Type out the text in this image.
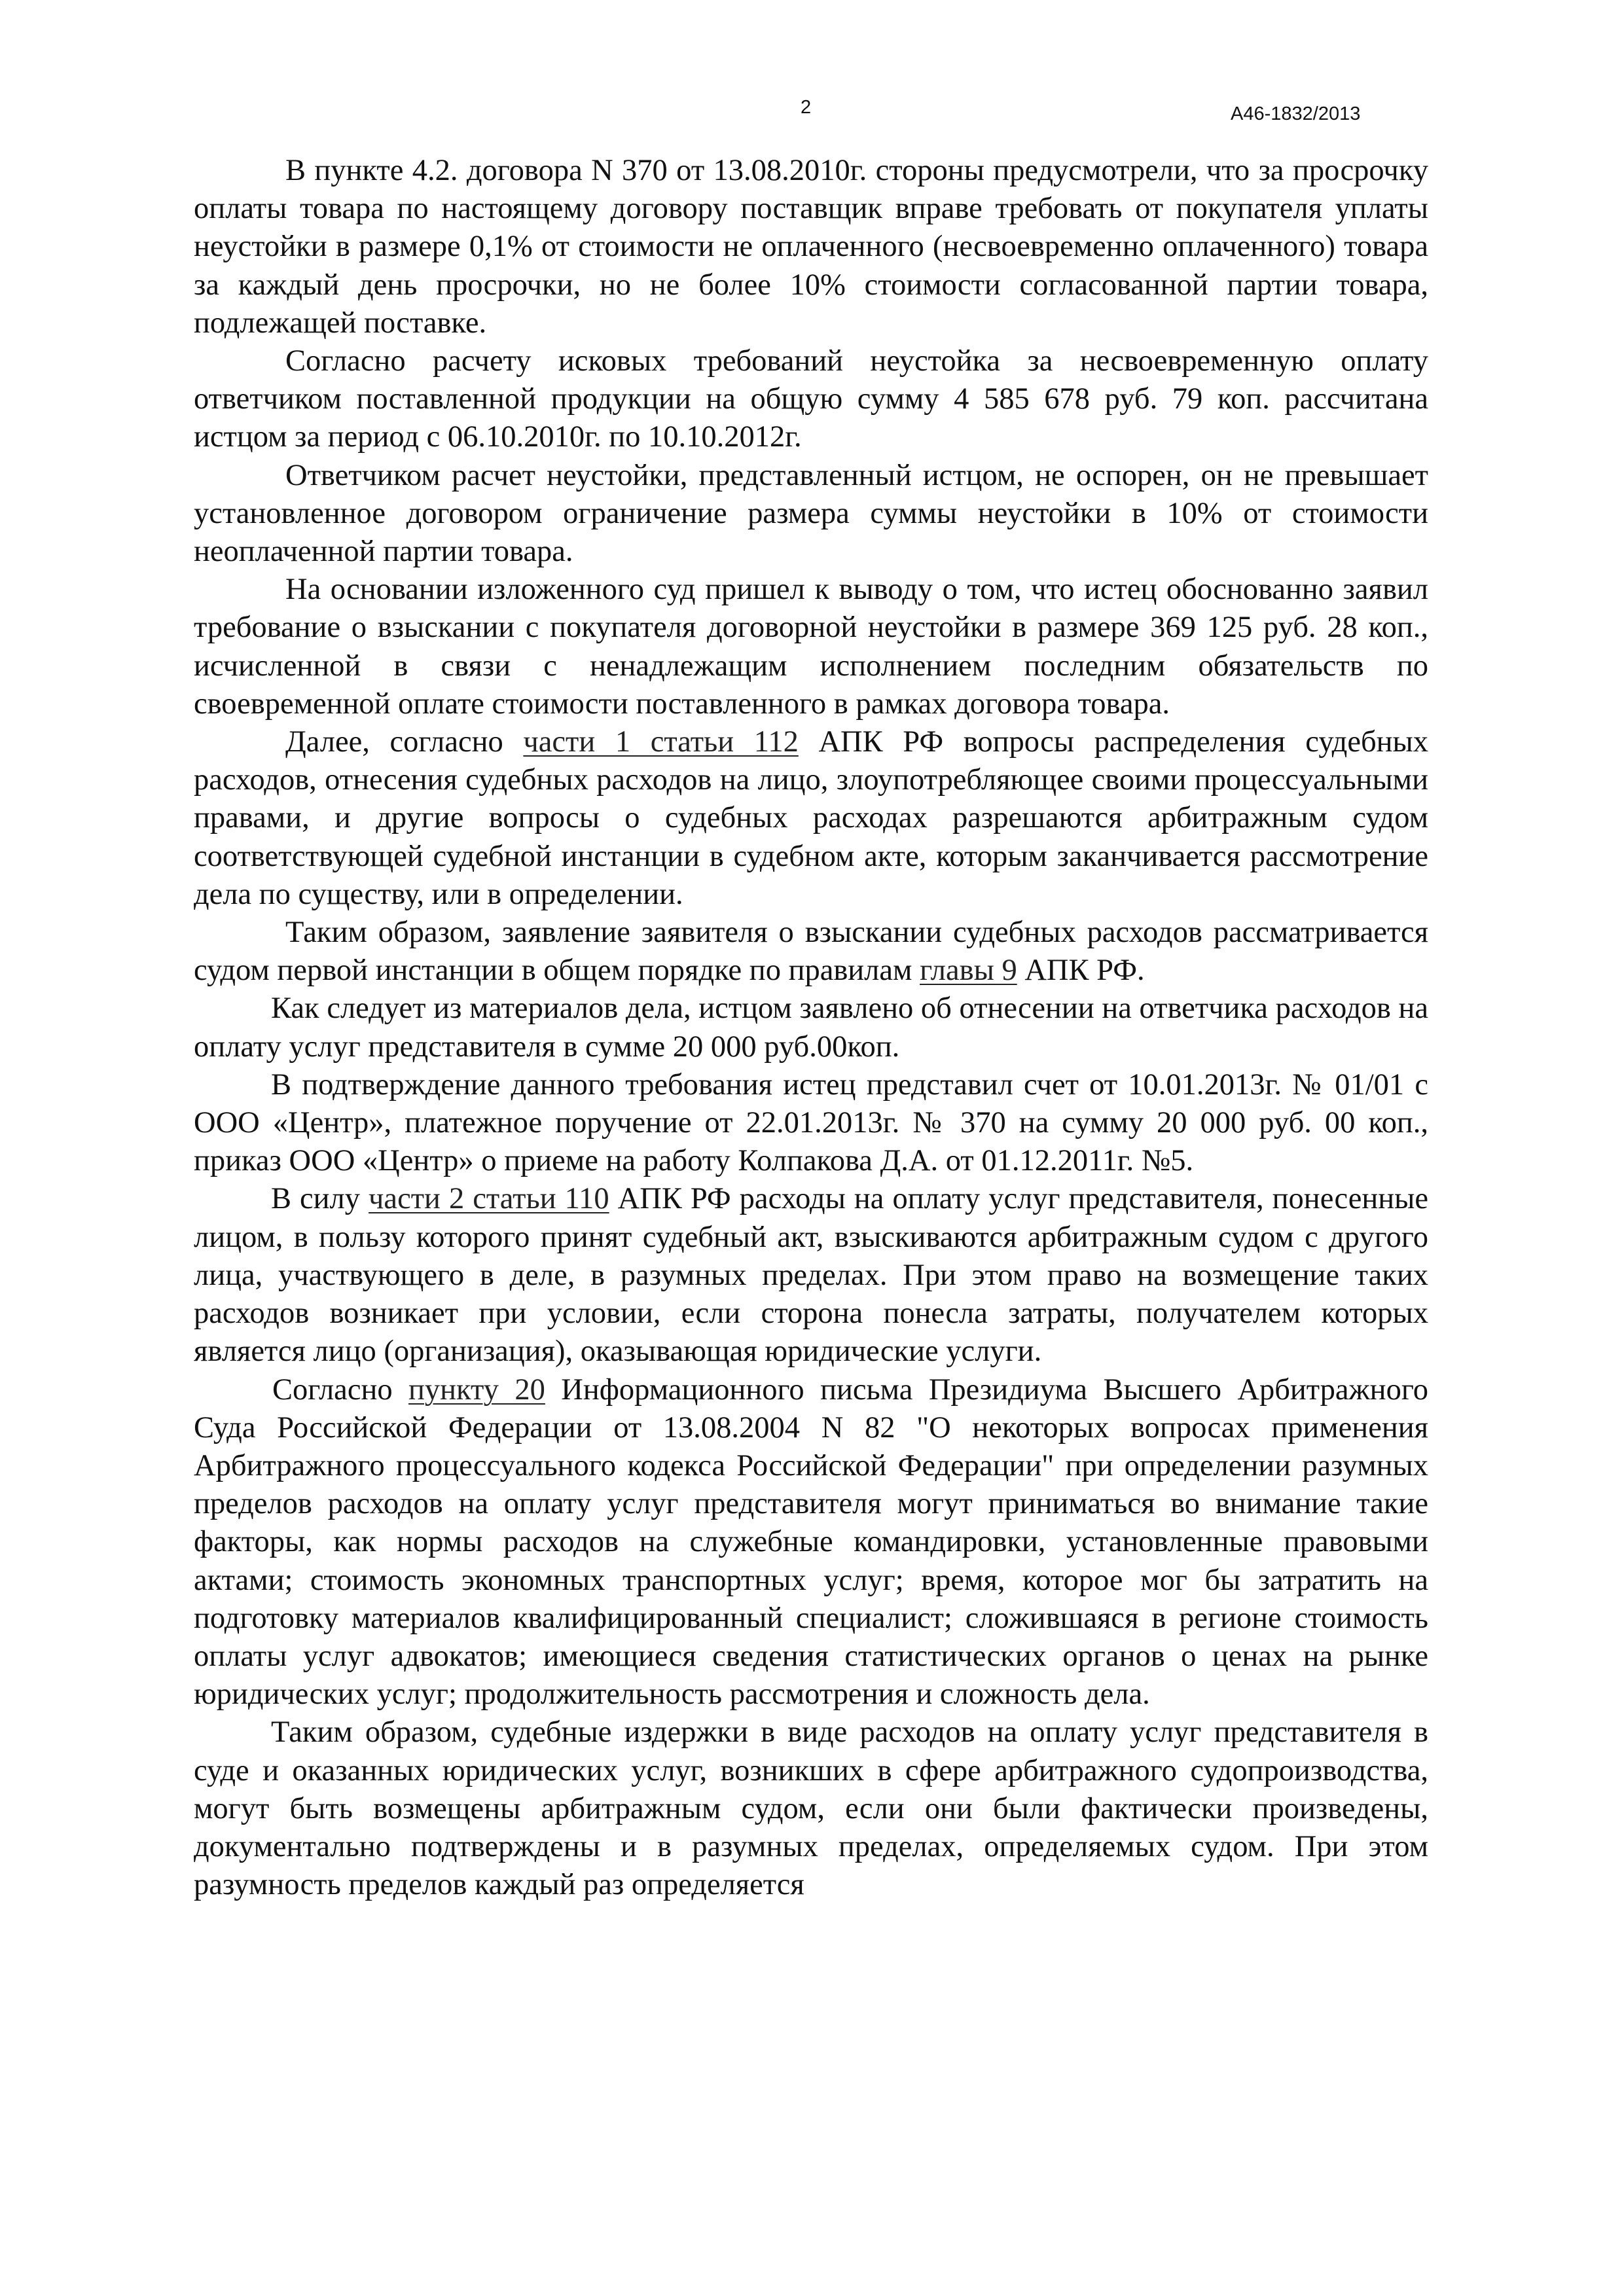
2	А46-1832/2013

В пункте 4.2. договора N 370 от 13.08.2010г. стороны предусмотрели, что за просрочку оплаты товара по настоящему договору поставщик вправе требовать от покупателя уплаты неустойки в размере 0,1% от стоимости не оплаченного (несвоевременно оплаченного) товара за каждый день просрочки, но не более 10% стоимости согласованной партии товара, подлежащей поставке.

Согласно расчету исковых требований неустойка за несвоевременную оплату ответчиком поставленной продукции на общую сумму 4 585 678 руб. 79 коп. рассчитана истцом за период с 06.10.2010г. по 10.10.2012г.

Ответчиком расчет неустойки, представленный истцом, не оспорен, он не превышает установленное договором ограничение размера суммы неустойки в 10% от стоимости неоплаченной партии товара.

На основании изложенного суд пришел к выводу о том, что истец обоснованно заявил требование о взыскании с покупателя договорной неустойки в размере 369 125 руб. 28 коп., исчисленной в связи с ненадлежащим исполнением последним обязательств по своевременной оплате стоимости поставленного в рамках договора товара.

Далее, согласно части 1 статьи 112 АПК РФ вопросы распределения судебных расходов, отнесения судебных расходов на лицо, злоупотребляющее своими процессуальными правами, и другие вопросы о судебных расходах разрешаются арбитражным судом соответствующей судебной инстанции в судебном акте, которым заканчивается рассмотрение дела по существу, или в определении.

Таким образом, заявление заявителя о взыскании судебных расходов рассматривается судом первой инстанции в общем порядке по правилам главы 9 АПК РФ.

Как следует из материалов дела, истцом заявлено об отнесении на ответчика расходов на оплату услуг представителя в сумме 20 000 руб.00коп.

В подтверждение данного требования истец представил счет от 10.01.2013г. № 01/01 с ООО «Центр», платежное поручение от 22.01.2013г. № 370 на сумму 20 000 руб. 00 коп., приказ ООО «Центр» о приеме на работу Колпакова Д.А. от 01.12.2011г. №5.

В силу части 2 статьи 110 АПК РФ расходы на оплату услуг представителя, понесенные лицом, в пользу которого принят судебный акт, взыскиваются арбитражным судом с другого лица, участвующего в деле, в разумных пределах. При этом право на возмещение таких расходов возникает при условии, если сторона понесла затраты, получателем которых является лицо (организация), оказывающая юридические услуги.

Согласно пункту 20 Информационного письма Президиума Высшего Арбитражного Суда Российской Федерации от 13.08.2004 N 82 "О некоторых вопросах применения Арбитражного процессуального кодекса Российской Федерации" при определении разумных пределов расходов на оплату услуг представителя могут приниматься во внимание такие факторы, как нормы расходов на служебные командировки, установленные правовыми актами; стоимость экономных транспортных услуг; время, которое мог бы затратить на подготовку материалов квалифицированный специалист; сложившаяся в регионе стоимость оплаты услуг адвокатов; имеющиеся сведения статистических органов о ценах на рынке юридических услуг; продолжительность рассмотрения и сложность дела.

Таким образом, судебные издержки в виде расходов на оплату услуг представителя в суде и оказанных юридических услуг, возникших в сфере арбитражного судопроизводства, могут быть возмещены арбитражным судом, если они были фактически произведены, документально подтверждены и в разумных пределах, определяемых судом. При этом разумность пределов каждый раз определяется
